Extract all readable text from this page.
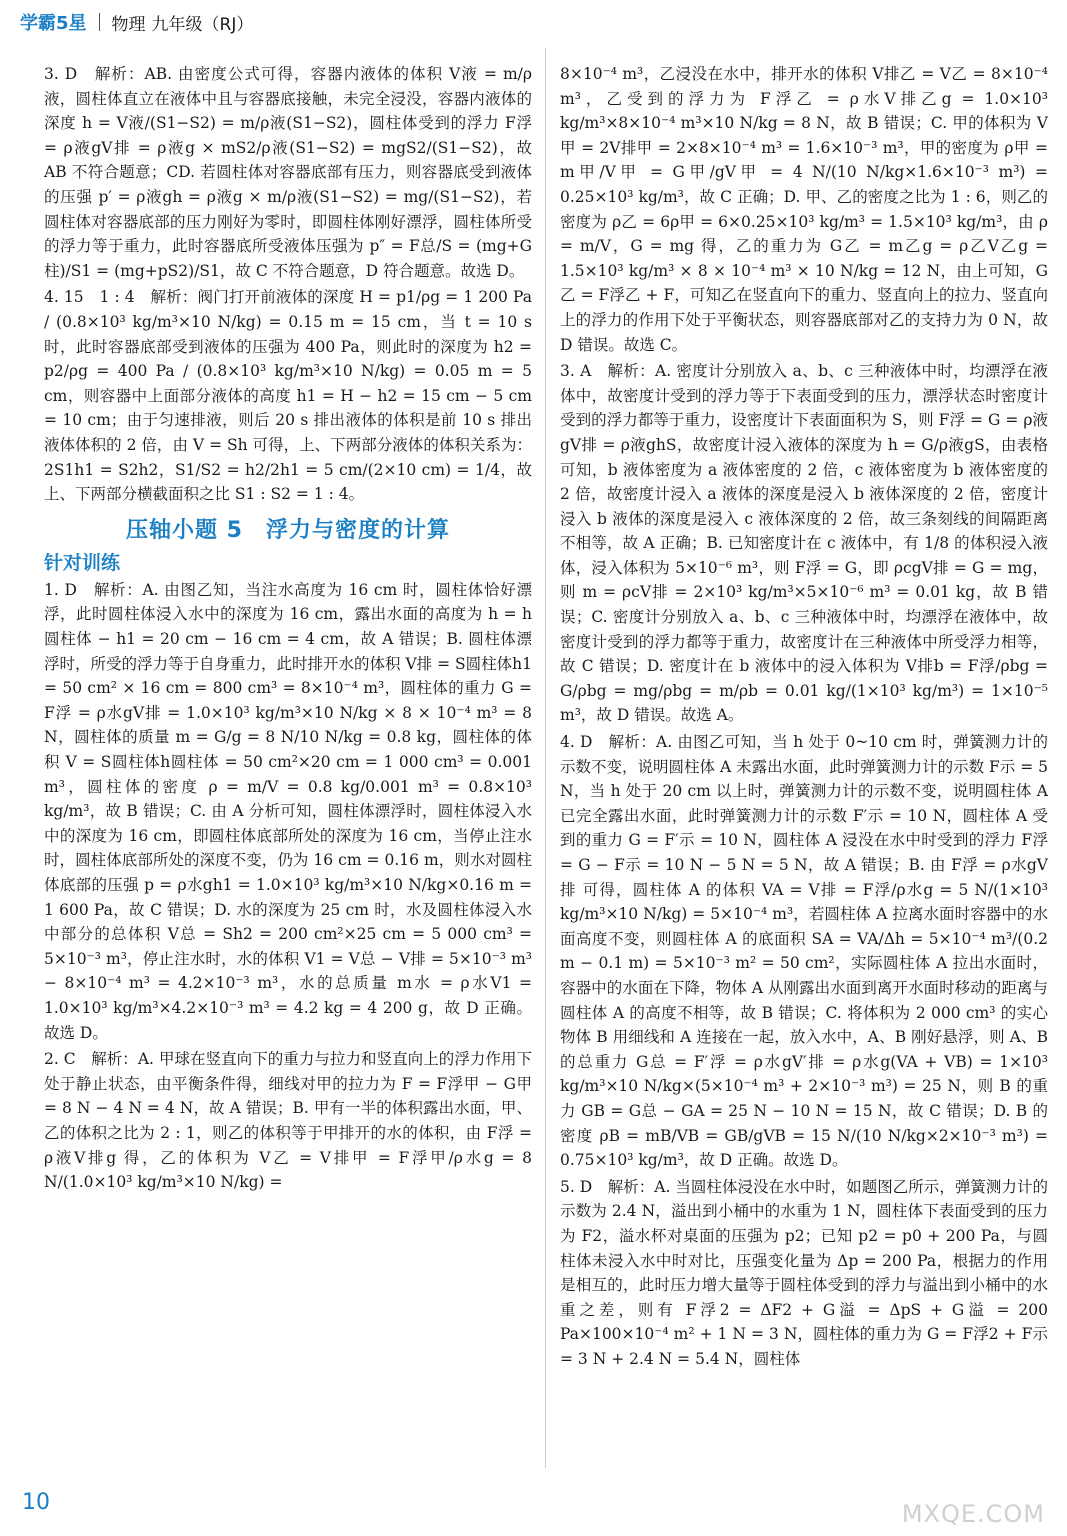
学霸5星 物理 九年级（RJ）

3. D　解析：AB. 由密度公式可得，容器内液体的体积 V液 = m/ρ液，圆柱体直立在液体中且与容器底接触，未完全浸没，容器内液体的深度 h = V液/(S1−S2) = m/ρ液(S1−S2)，圆柱体受到的浮力 F浮 = ρ液gV排 = ρ液g × mS2/ρ液(S1−S2) = mgS2/(S1−S2)，故 AB 不符合题意；CD. 若圆柱体对容器底部有压力，则容器底受到液体的压强 p′ = ρ液gh = ρ液g × m/ρ液(S1−S2) = mg/(S1−S2)，若圆柱体对容器底部的压力刚好为零时，即圆柱体刚好漂浮，圆柱体所受的浮力等于重力，此时容器底所受液体压强为 p″ = F总/S = (mg+G柱)/S1 = (mg+pS2)/S1，故 C 不符合题意，D 符合题意。故选 D。

4. 15　1 : 4　解析：阀门打开前液体的深度 H = p1/ρg = 1 200 Pa / (0.8×10³ kg/m³×10 N/kg) = 0.15 m = 15 cm，当 t = 10 s 时，此时容器底部受到液体的压强为 400 Pa，则此时的深度为 h2 = p2/ρg = 400 Pa / (0.8×10³ kg/m³×10 N/kg) = 0.05 m = 5 cm，则容器中上面部分液体的高度 h1 = H − h2 = 15 cm − 5 cm = 10 cm；由于匀速排液，则后 20 s 排出液体的体积是前 10 s 排出液体体积的 2 倍，由 V = Sh 可得，上、下两部分液体的体积关系为：2S1h1 = S2h2，S1/S2 = h2/2h1 = 5 cm/(2×10 cm) = 1/4，故上、下两部分横截面积之比 S1 : S2 = 1 : 4。

压轴小题 5　浮力与密度的计算
针对训练

1. D　解析：A. 由图乙知，当注水高度为 16 cm 时，圆柱体恰好漂浮，此时圆柱体浸入水中的深度为 16 cm，露出水面的高度为 h = h圆柱体 − h1 = 20 cm − 16 cm = 4 cm，故 A 错误；B. 圆柱体漂浮时，所受的浮力等于自身重力，此时排开水的体积 V排 = S圆柱体h1 = 50 cm² × 16 cm = 800 cm³ = 8×10⁻⁴ m³，圆柱体的重力 G = F浮 = ρ水gV排 = 1.0×10³ kg/m³×10 N/kg × 8 × 10⁻⁴ m³ = 8 N，圆柱体的质量 m = G/g = 8 N/10 N/kg = 0.8 kg，圆柱体的体积 V = S圆柱体h圆柱体 = 50 cm²×20 cm = 1 000 cm³ = 0.001 m³，圆柱体的密度 ρ = m/V = 0.8 kg/0.001 m³ = 0.8×10³ kg/m³，故 B 错误；C. 由 A 分析可知，圆柱体漂浮时，圆柱体浸入水中的深度为 16 cm，即圆柱体底部所处的深度为 16 cm，当停止注水时，圆柱体底部所处的深度不变，仍为 16 cm = 0.16 m，则水对圆柱体底部的压强 p = ρ水gh1 = 1.0×10³ kg/m³×10 N/kg×0.16 m = 1 600 Pa，故 C 错误；D. 水的深度为 25 cm 时，水及圆柱体浸入水中部分的总体积 V总 = Sh2 = 200 cm²×25 cm = 5 000 cm³ = 5×10⁻³ m³，停止注水时，水的体积 V1 = V总 − V排 = 5×10⁻³ m³ − 8×10⁻⁴ m³ = 4.2×10⁻³ m³，水的总质量 m水 = ρ水V1 = 1.0×10³ kg/m³×4.2×10⁻³ m³ = 4.2 kg = 4 200 g，故 D 正确。故选 D。

2. C　解析：A. 甲球在竖直向下的重力与拉力和竖直向上的浮力作用下处于静止状态，由平衡条件得，细线对甲的拉力为 F = F浮甲 − G甲 = 8 N − 4 N = 4 N，故 A 错误；B. 甲有一半的体积露出水面，甲、乙的体积之比为 2 : 1，则乙的体积等于甲排开的水的体积，由 F浮 = ρ液V排g 得，乙的体积为 V乙 = V排甲 = F浮甲/ρ水g = 8 N/(1.0×10³ kg/m³×10 N/kg) =

8×10⁻⁴ m³，乙浸没在水中，排开水的体积 V排乙 = V乙 = 8×10⁻⁴ m³，乙受到的浮力为 F浮乙 = ρ水V排乙g = 1.0×10³ kg/m³×8×10⁻⁴ m³×10 N/kg = 8 N，故 B 错误；C. 甲的体积为 V甲 = 2V排甲 = 2×8×10⁻⁴ m³ = 1.6×10⁻³ m³，甲的密度为 ρ甲 = m甲/V甲 = G甲/gV甲 = 4 N/(10 N/kg×1.6×10⁻³ m³) = 0.25×10³ kg/m³，故 C 正确；D. 甲、乙的密度之比为 1 : 6，则乙的密度为 ρ乙 = 6ρ甲 = 6×0.25×10³ kg/m³ = 1.5×10³ kg/m³，由 ρ = m/V，G = mg 得，乙的重力为 G乙 = m乙g = ρ乙V乙g = 1.5×10³ kg/m³ × 8 × 10⁻⁴ m³ × 10 N/kg = 12 N，由上可知，G乙 = F浮乙 + F，可知乙在竖直向下的重力、竖直向上的拉力、竖直向上的浮力的作用下处于平衡状态，则容器底部对乙的支持力为 0 N，故 D 错误。故选 C。

3. A　解析：A. 密度计分别放入 a、b、c 三种液体中时，均漂浮在液体中，故密度计受到的浮力等于下表面受到的压力，漂浮状态时密度计受到的浮力都等于重力，设密度计下表面面积为 S，则 F浮 = G = ρ液gV排 = ρ液ghS，故密度计浸入液体的深度为 h = G/ρ液gS，由表格可知，b 液体密度为 a 液体密度的 2 倍，c 液体密度为 b 液体密度的 2 倍，故密度计浸入 a 液体的深度是浸入 b 液体深度的 2 倍，密度计浸入 b 液体的深度是浸入 c 液体深度的 2 倍，故三条刻线的间隔距离不相等，故 A 正确；B. 已知密度计在 c 液体中，有 1/8 的体积浸入液体，浸入体积为 5×10⁻⁶ m³，则 F浮 = G，即 ρcgV排 = G = mg，则 m = ρcV排 = 2×10³ kg/m³×5×10⁻⁶ m³ = 0.01 kg，故 B 错误；C. 密度计分别放入 a、b、c 三种液体中时，均漂浮在液体中，故密度计受到的浮力都等于重力，故密度计在三种液体中所受浮力相等，故 C 错误；D. 密度计在 b 液体中的浸入体积为 V排b = F浮/ρbg = G/ρbg = mg/ρbg = m/ρb = 0.01 kg/(1×10³ kg/m³) = 1×10⁻⁵ m³，故 D 错误。故选 A。

4. D　解析：A. 由图乙可知，当 h 处于 0~10 cm 时，弹簧测力计的示数不变，说明圆柱体 A 未露出水面，此时弹簧测力计的示数 F示 = 5 N，当 h 处于 20 cm 以上时，弹簧测力计的示数不变，说明圆柱体 A 已完全露出水面，此时弹簧测力计的示数 F′示 = 10 N，圆柱体 A 受到的重力 G = F′示 = 10 N，圆柱体 A 浸没在水中时受到的浮力 F浮 = G − F示 = 10 N − 5 N = 5 N，故 A 错误；B. 由 F浮 = ρ水gV排 可得，圆柱体 A 的体积 VA = V排 = F浮/ρ水g = 5 N/(1×10³ kg/m³×10 N/kg) = 5×10⁻⁴ m³，若圆柱体 A 拉离水面时容器中的水面高度不变，则圆柱体 A 的底面积 SA = VA/Δh = 5×10⁻⁴ m³/(0.2 m − 0.1 m) = 5×10⁻³ m² = 50 cm²，实际圆柱体 A 拉出水面时，容器中的水面在下降，物体 A 从刚露出水面到离开水面时移动的距离与圆柱体 A 的高度不相等，故 B 错误；C. 将体积为 2 000 cm³ 的实心物体 B 用细线和 A 连接在一起，放入水中，A、B 刚好悬浮，则 A、B 的总重力 G总 = F′浮 = ρ水gV′排 = ρ水g(VA + VB) = 1×10³ kg/m³×10 N/kg×(5×10⁻⁴ m³ + 2×10⁻³ m³) = 25 N，则 B 的重力 GB = G总 − GA = 25 N − 10 N = 15 N，故 C 错误；D. B 的密度 ρB = mB/VB = GB/gVB = 15 N/(10 N/kg×2×10⁻³ m³) = 0.75×10³ kg/m³，故 D 正确。故选 D。

5. D　解析：A. 当圆柱体浸没在水中时，如题图乙所示，弹簧测力计的示数为 2.4 N，溢出到小桶中的水重为 1 N，圆柱体下表面受到的压力为 F2，溢水杯对桌面的压强为 p2；已知 p2 = p0 + 200 Pa，与圆柱体未浸入水中时对比，压强变化量为 Δp = 200 Pa，根据力的作用是相互的，此时压力增大量等于圆柱体受到的浮力与溢出到小桶中的水重之差，则有 F浮2 = ΔF2 + G溢 = ΔpS + G溢 = 200 Pa×100×10⁻⁴ m² + 1 N = 3 N，圆柱体的重力为 G = F浮2 + F示 = 3 N + 2.4 N = 5.4 N，圆柱体

10	MXQE.COM
